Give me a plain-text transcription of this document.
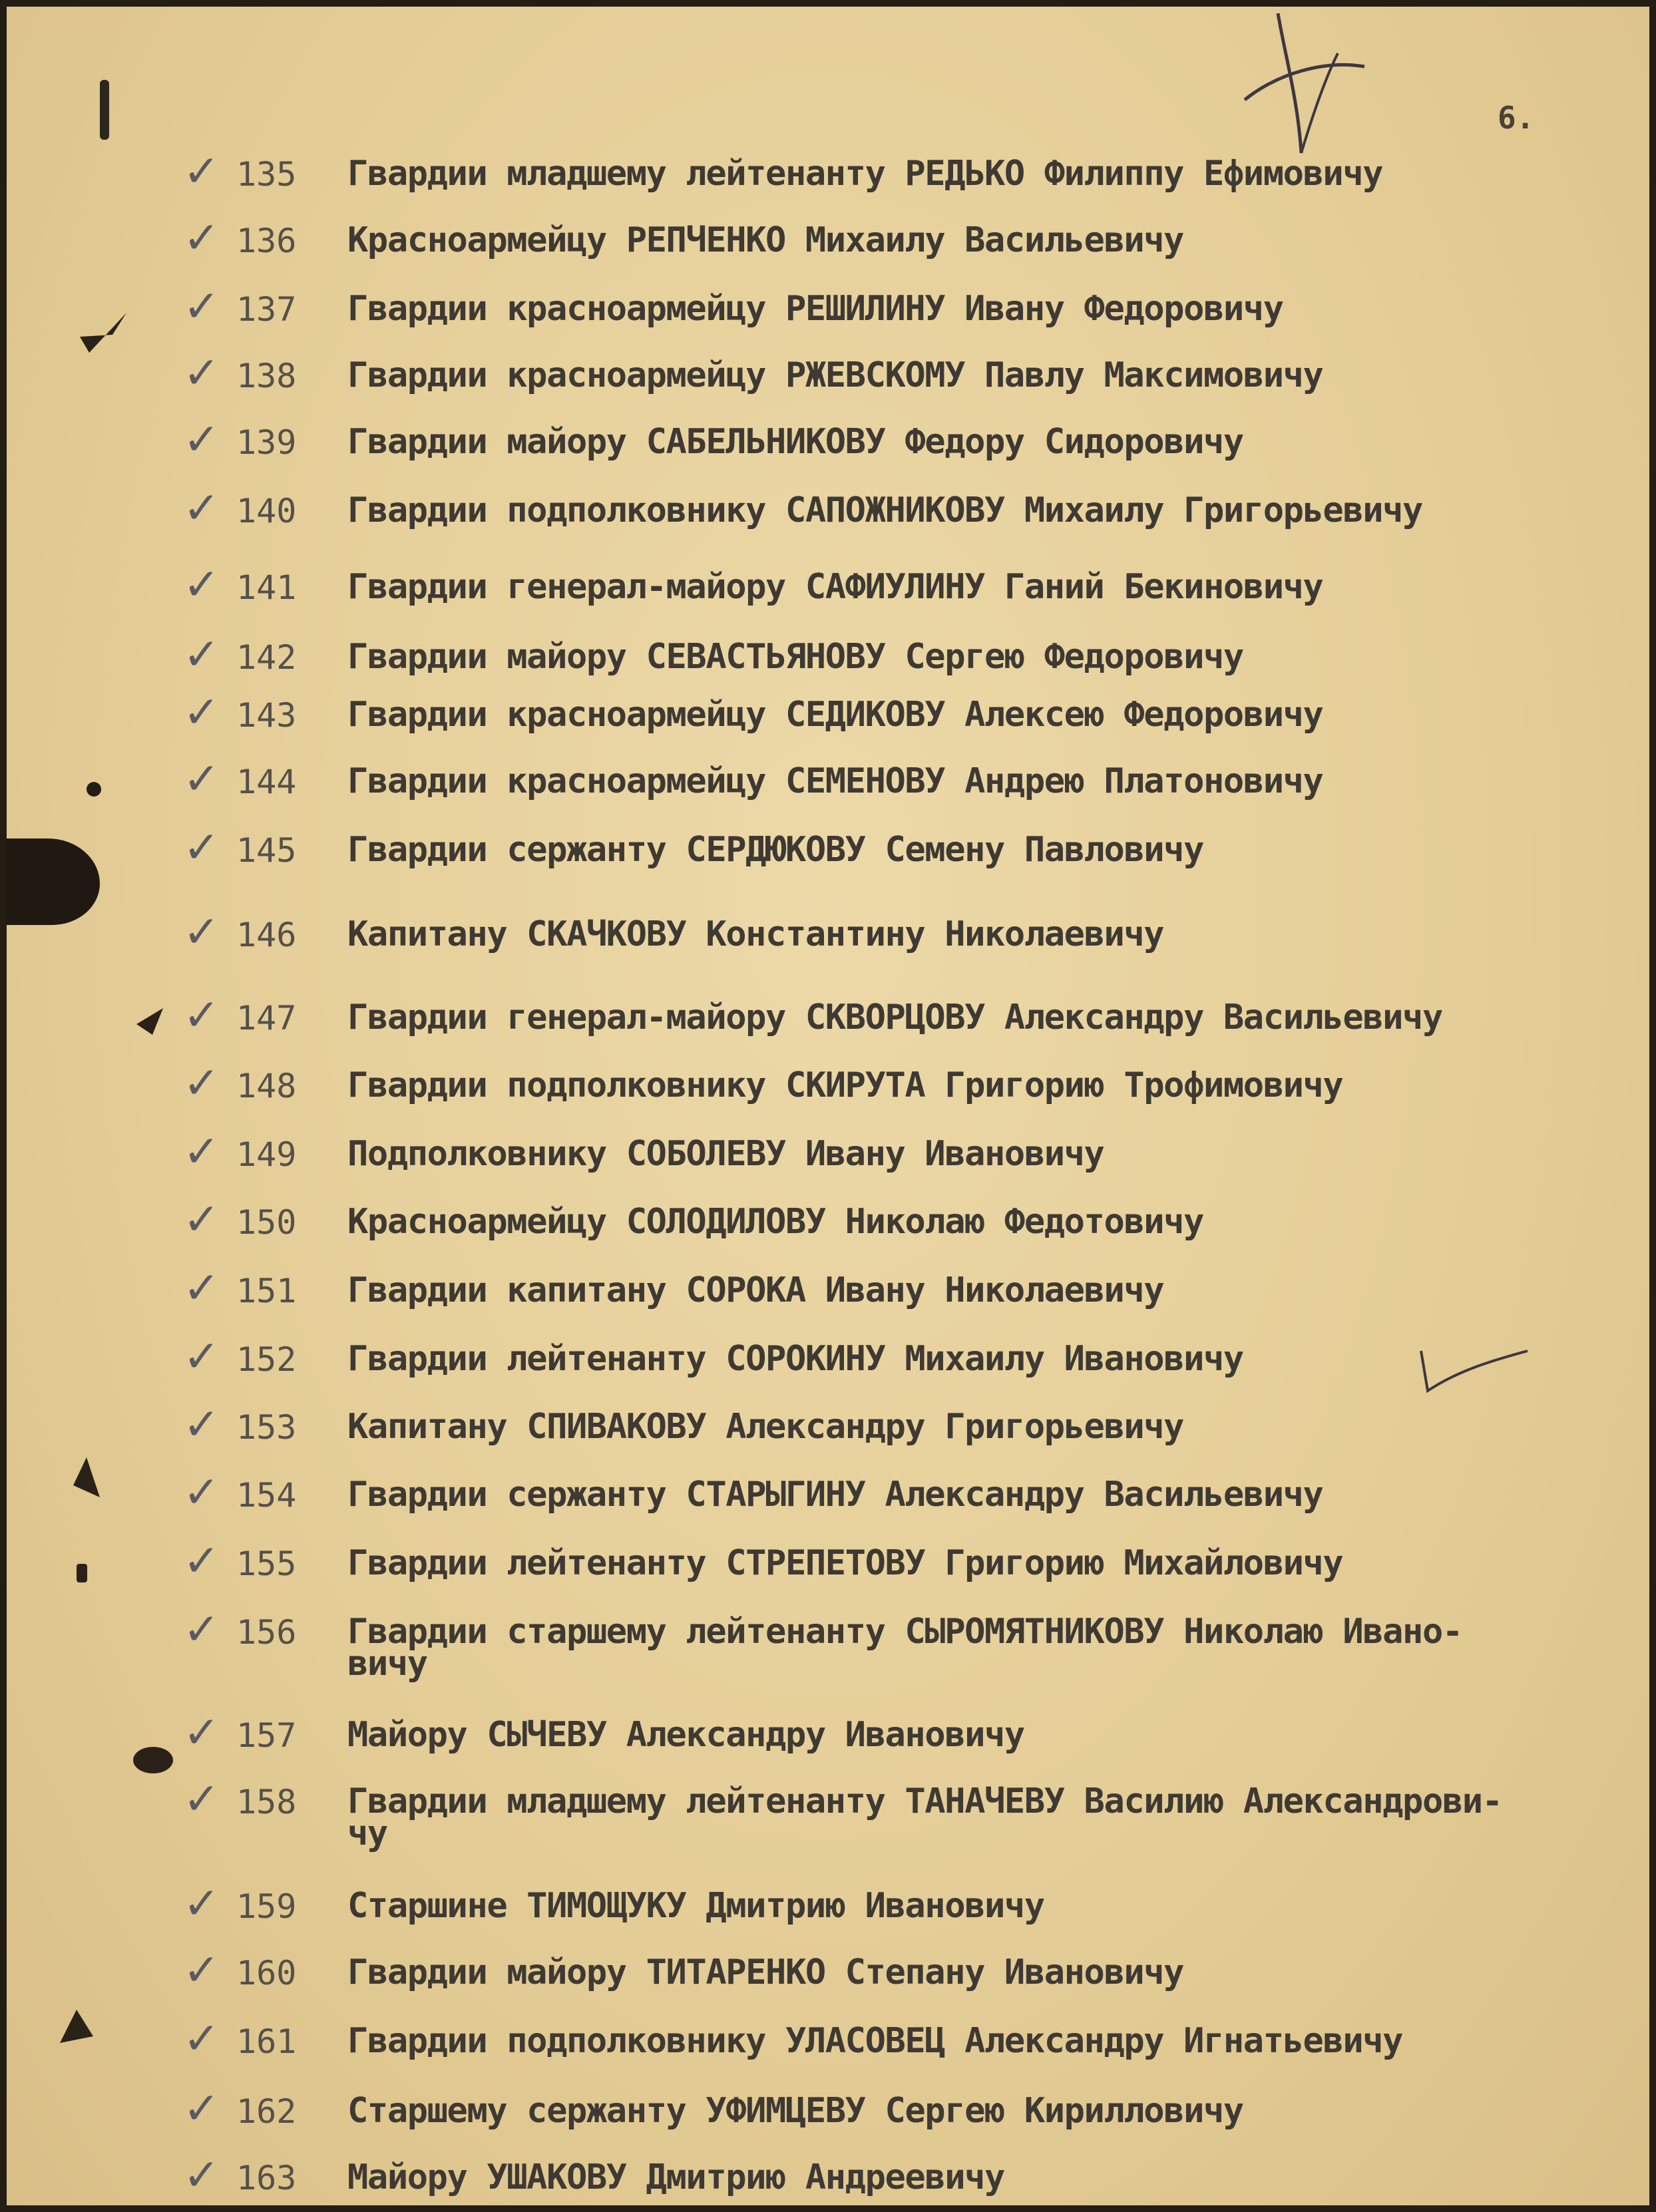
6.
✓ 135 Гвардии младшему лейтенанту РЕДЬКО Филиппу Ефимовичу
✓ 136 Красноармейцу РЕПЧЕНКО Михаилу Васильевичу
✓ 137 Гвардии красноармейцу РЕШИЛИНУ Ивану Федоровичу
✓ 138 Гвардии красноармейцу РЖЕВСКОМУ Павлу Максимовичу
✓ 139 Гвардии майору САБЕЛЬНИКОВУ Федору Сидоровичу
✓ 140 Гвардии подполковнику САПОЖНИКОВУ Михаилу Григорьевичу
✓ 141 Гвардии генерал-майору САФИУЛИНУ Ганий Бекиновичу
✓ 142 Гвардии майору СЕВАСТЬЯНОВУ Сергею Федоровичу
✓ 143 Гвардии красноармейцу СЕДИКОВУ Алексею Федоровичу
✓ 144 Гвардии красноармейцу СЕМЕНОВУ Андрею Платоновичу
✓ 145 Гвардии сержанту СЕРДЮКОВУ Семену Павловичу
✓ 146 Капитану СКАЧКОВУ Константину Николаевичу
✓ 147 Гвардии генерал-майору СКВОРЦОВУ Александру Васильевичу
✓ 148 Гвардии подполковнику СКИРУТА Григорию Трофимовичу
✓ 149 Подполковнику СОБОЛЕВУ Ивану Ивановичу
✓ 150 Красноармейцу СОЛОДИЛОВУ Николаю Федотовичу
✓ 151 Гвардии капитану СОРОКА Ивану Николаевичу
✓ 152 Гвардии лейтенанту СОРОКИНУ Михаилу Ивановичу
✓ 153 Капитану СПИВАКОВУ Александру Григорьевичу
✓ 154 Гвардии сержанту СТАРЫГИНУ Александру Васильевичу
✓ 155 Гвардии лейтенанту СТРЕПЕТОВУ Григорию Михайловичу
✓ 156 Гвардии старшему лейтенанту СЫРОМЯТНИКОВУ Николаю Ивано-
вичу
✓ 157 Майору СЫЧЕВУ Александру Ивановичу
✓ 158 Гвардии младшему лейтенанту ТАНАЧЕВУ Василию Александрови-
чу
✓ 159 Старшине ТИМОЩУКУ Дмитрию Ивановичу
✓ 160 Гвардии майору ТИТАРЕНКО Степану Ивановичу
✓ 161 Гвардии подполковнику УЛАСОВЕЦ Александру Игнатьевичу
✓ 162 Старшему сержанту УФИМЦЕВУ Сергею Кирилловичу
✓ 163 Майору УШАКОВУ Дмитрию Андреевичу
